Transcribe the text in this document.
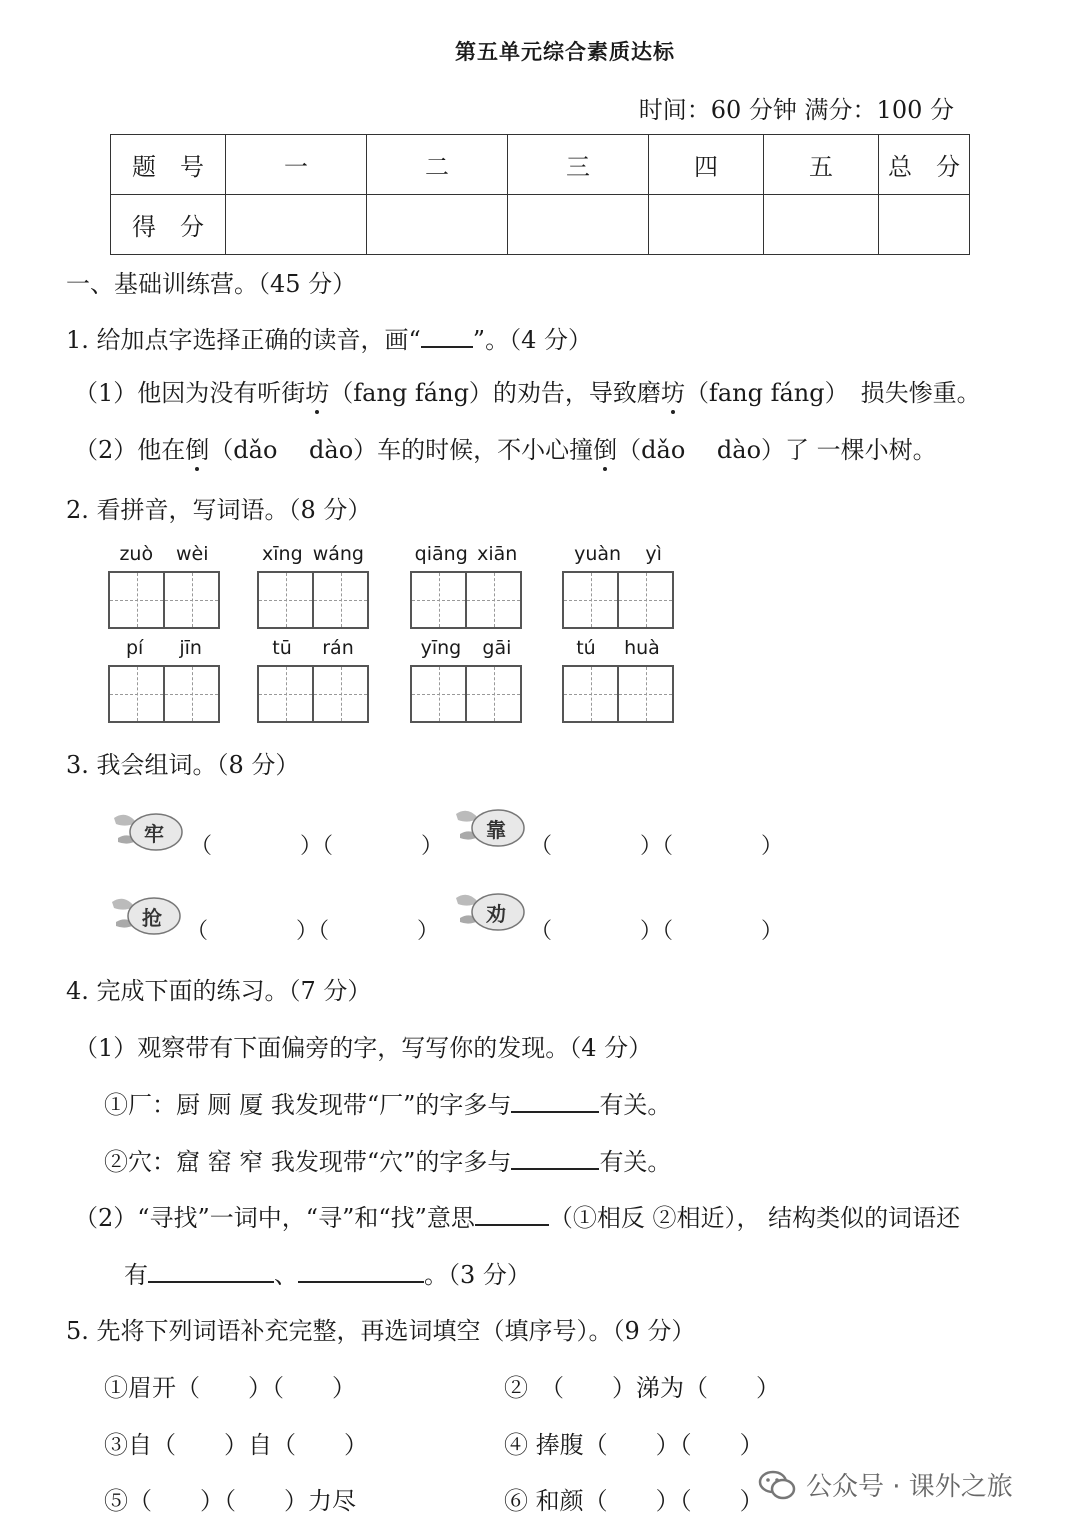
第五单元综合素质达标
时间：60 分钟 满分：100 分
题　号	一	二	三	四	五	总　分
得　分						
一、基础训练营。（45 分）
1. 给加点字选择正确的读音，画“ ”。（4 分）
（1）他因为没有听街坊（fang fáng）的劝告，导致磨坊（fang fáng）　损失惨重。
（2）他在倒（dǎo　 dào）车的时候，不小心撞倒（dǎo　 dào）了 一棵小树。
2. 看拼音，写词语。（8 分）
zuò wèi	xīng wáng	qiāng xiān	yuàn yì
pí jīn	tū rán	yīng gāi	tú huà
3. 我会组词。（8 分）
牢 （　　　　）（　　　　）
靠
（　　　　）（　　　　）
抢
（　　　　）（　　　　）
劝
（　　　　）（　　　　）
4. 完成下面的练习。（7 分）
（1）观察带有下面偏旁的字，写写你的发现。（4 分）
①厂：厨 厕 厦 我发现带“厂”的字多与	有关。
②穴：窟 窑 窄 我发现带“穴”的字多与	有关。
（2）“寻找”一词中，“寻”和“找”意思	（①相反 ②相近）， 结构类似的词语还
有	、	。（3 分）
5. 先将下列词语补充完整，再选词填空（填序号）。（9 分）
①眉开（　　）（　　）	②　（　　）涕为（　　）
③自（　　）自（　　）	④ 捧腹（　　）（　　）
⑤（　　）（　　）力尽	⑥ 和颜（　　）（　　） 公众号 · 课外之旅
